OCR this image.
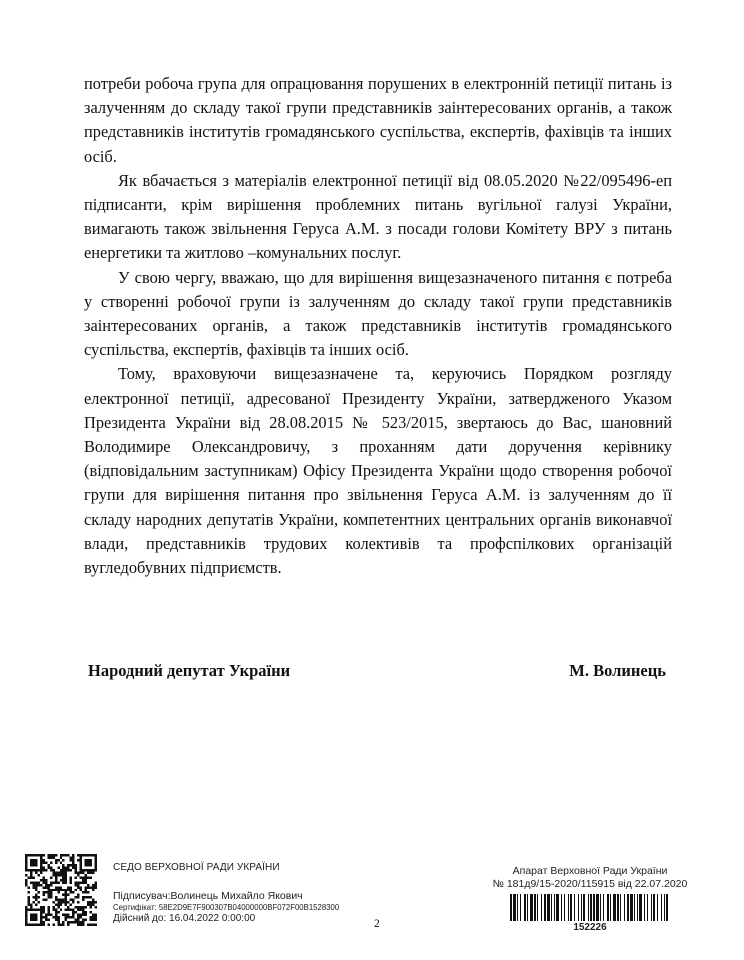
потреби робоча група для опрацювання порушених в електронній петиції питань із залученням до складу такої групи представників заінтересованих органів, а також представників інститутів громадянського суспільства, експертів, фахівців та інших осіб.

Як вбачається з матеріалів електронної петиції від 08.05.2020 №22/095496-еп підписанти, крім вирішення проблемних питань вугільної галузі України, вимагають також звільнення Геруса А.М. з посади голови Комітету ВРУ з питань енергетики та житлово –комунальних послуг.

У свою чергу, вважаю, що для вирішення вищезазначеного питання є потреба у створенні робочої групи із залученням до складу такої групи представників заінтересованих органів, а також представників інститутів громадянського суспільства, експертів, фахівців та інших осіб.

Тому, враховуючи вищезазначене та, керуючись Порядком розгляду електронної петиції, адресованої Президенту України, затвердженого Указом Президента України від 28.08.2015 № 523/2015, звертаюсь до Вас, шановний Володимире Олександровичу, з проханням дати доручення керівнику (відповідальним заступникам) Офісу Президента України щодо створення робочої групи для вирішення питання про звільнення Геруса А.М. із залученням до її складу народних депутатів України, компетентних центральних органів виконавчої влади, представників трудових колективів та профспілкових організацій вугледобувних підприємств.

Народний депутат України	М. Волинець
СЕДО ВЕРХОВНОЇ РАДИ УКРАЇНИ
Підписувач:Волинець Михайло Якович
Сертифікат: 58E2D9E7F900307B04000000BF072F00B1528300
Дійсний до: 16.04.2022 0:00:00	2
Апарат Верховної Ради України
№ 181д9/15-2020/115915 від 22.07.2020
152226
